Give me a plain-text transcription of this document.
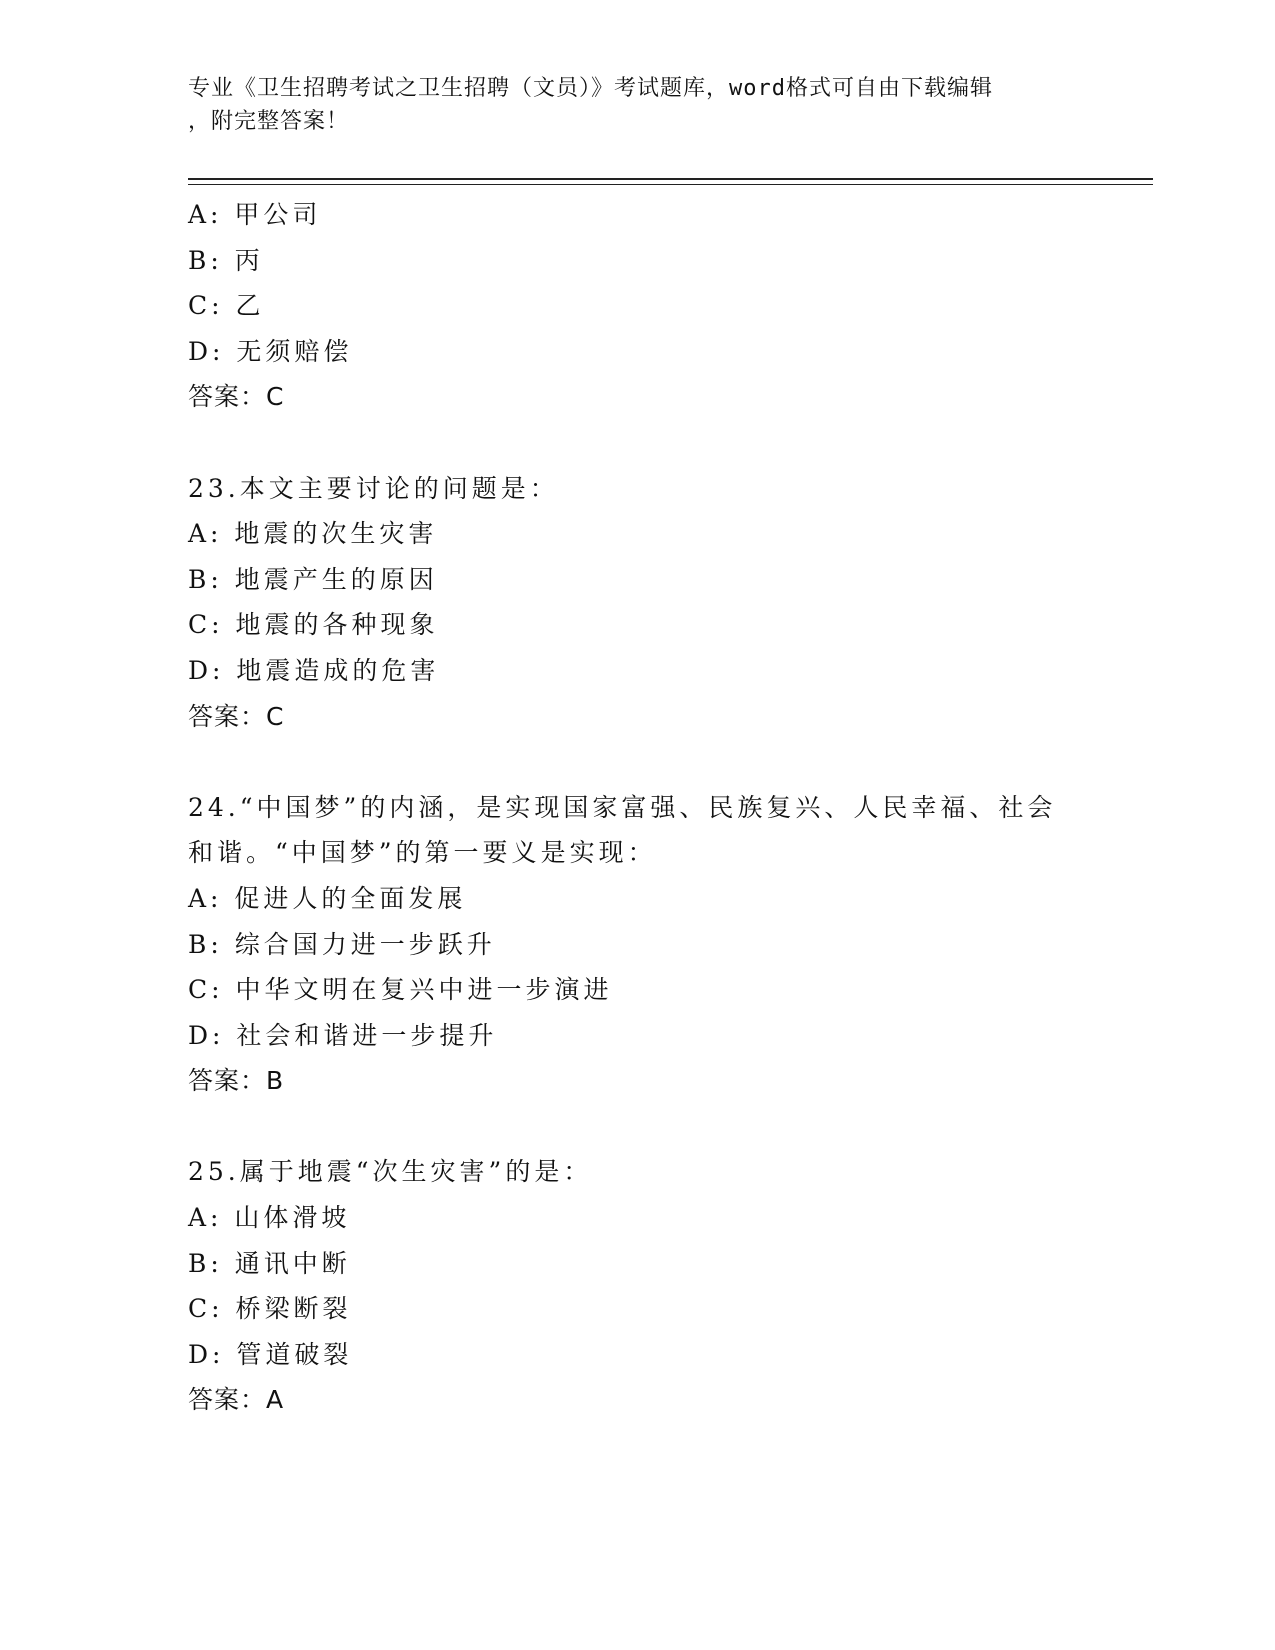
专业《卫生招聘考试之卫生招聘（文员）》考试题库，word格式可自由下载编辑
，附完整答案！
A: 甲公司
B: 丙
C: 乙
D: 无须赔偿
答案：C
23.本文主要讨论的问题是：
A: 地震的次生灾害
B: 地震产生的原因
C: 地震的各种现象
D: 地震造成的危害
答案：C
24.“中国梦”的内涵，是实现国家富强、民族复兴、人民幸福、社会
和谐。“中国梦”的第一要义是实现：
A: 促进人的全面发展
B: 综合国力进一步跃升
C: 中华文明在复兴中进一步演进
D: 社会和谐进一步提升
答案：B
25.属于地震“次生灾害”的是：
A: 山体滑坡
B: 通讯中断
C: 桥梁断裂
D: 管道破裂
答案：A
